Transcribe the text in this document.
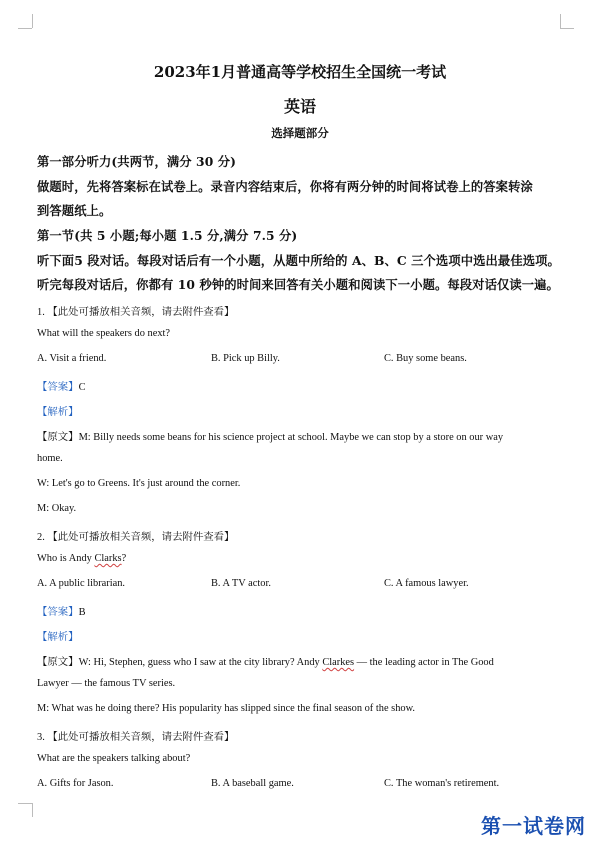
2023年1月普通高等学校招生全国统一考试
英语
选择题部分
第一部分听力(共两节，满分 30 分)
做题时，先将答案标在试卷上。录音内容结束后，你将有两分钟的时间将试卷上的答案转涂
到答题纸上。
第一节(共 5 小题;每小题 1.5 分,满分 7.5 分)
听下面5 段对话。每段对话后有一个小题，从题中所给的 A、B、C 三个选项中选出最佳选项。
听完每段对话后，你都有 10 秒钟的时间来回答有关小题和阅读下一小题。每段对话仅读一遍。
1. 【此处可播放相关音频，请去附件查看】
What will the speakers do next?
A. Visit a friend.	B. Pick up Billy.	C. Buy some beans.
【答案】C
【解析】
【原文】M: Billy needs some beans for his science project at school. Maybe we can stop by a store on our way
home.
W: Let's go to Greens. It's just around the corner.
M: Okay.
2. 【此处可播放相关音频，请去附件查看】
Who is Andy Clarks?
A. A public librarian.	B. A TV actor.	C. A famous lawyer.
【答案】B
【解析】
【原文】W: Hi, Stephen, guess who I saw at the city library? Andy Clarkes — the leading actor in The Good
Lawyer — the famous TV series.
M: What was he doing there? His popularity has slipped since the final season of the show.
3. 【此处可播放相关音频，请去附件查看】
What are the speakers talking about?
A. Gifts for Jason.	B. A baseball game.	C. The woman's retirement.
第一试卷网
